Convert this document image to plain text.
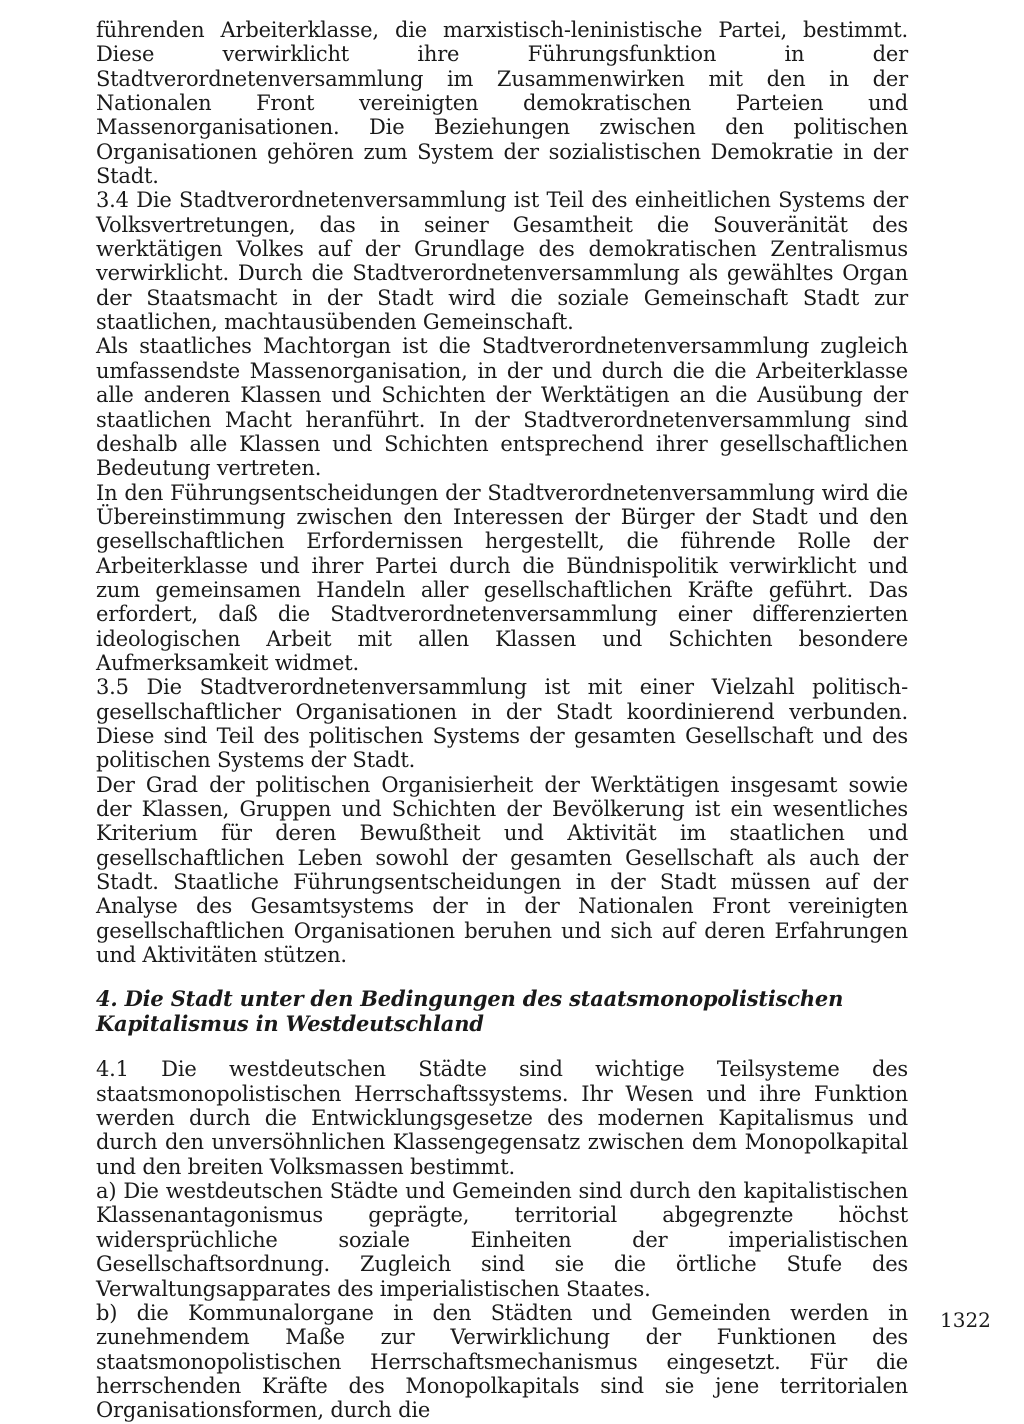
führenden Arbeiterklasse, die marxistisch-leninistische Partei, bestimmt. Diese verwirklicht ihre Führungsfunktion in der Stadtverordnetenversammlung im Zusammenwirken mit den in der Nationalen Front vereinigten demokratischen Parteien und Massenorganisationen. Die Beziehungen zwischen den politischen Organisationen gehören zum System der sozialistischen Demokratie in der Stadt.

3.4 Die Stadtverordnetenversammlung ist Teil des einheitlichen Systems der Volksvertretungen, das in seiner Gesamtheit die Souveränität des werktätigen Volkes auf der Grundlage des demokratischen Zentralismus verwirklicht. Durch die Stadtverordnetenversammlung als gewähltes Organ der Staatsmacht in der Stadt wird die soziale Gemeinschaft Stadt zur staatlichen, machtausübenden Gemeinschaft.

Als staatliches Machtorgan ist die Stadtverordnetenversammlung zugleich umfassendste Massenorganisation, in der und durch die die Arbeiterklasse alle anderen Klassen und Schichten der Werktätigen an die Ausübung der staatlichen Macht heranführt. In der Stadtverordnetenversammlung sind deshalb alle Klassen und Schichten entsprechend ihrer gesellschaftlichen Bedeutung vertreten.

In den Führungsentscheidungen der Stadtverordnetenversammlung wird die Übereinstimmung zwischen den Interessen der Bürger der Stadt und den gesellschaftlichen Erfordernissen hergestellt, die führende Rolle der Arbeiterklasse und ihrer Partei durch die Bündnispolitik verwirklicht und zum gemeinsamen Handeln aller gesellschaftlichen Kräfte geführt. Das erfordert, daß die Stadtverordnetenversammlung einer differenzierten ideologischen Arbeit mit allen Klassen und Schichten besondere Aufmerksamkeit widmet.

3.5 Die Stadtverordnetenversammlung ist mit einer Vielzahl politisch-gesellschaftlicher Organisationen in der Stadt koordinierend verbunden. Diese sind Teil des politischen Systems der gesamten Gesellschaft und des politischen Systems der Stadt.

Der Grad der politischen Organisierheit der Werktätigen insgesamt sowie der Klassen, Gruppen und Schichten der Bevölkerung ist ein wesentliches Kriterium für deren Bewußtheit und Aktivität im staatlichen und gesellschaftlichen Leben sowohl der gesamten Gesellschaft als auch der Stadt. Staatliche Führungsentscheidungen in der Stadt müssen auf der Analyse des Gesamtsystems der in der Nationalen Front vereinigten gesellschaftlichen Organisationen beruhen und sich auf deren Erfahrungen und Aktivitäten stützen.

4. Die Stadt unter den Bedingungen des staatsmonopolistischen Kapitalismus in Westdeutschland

4.1 Die westdeutschen Städte sind wichtige Teilsysteme des staatsmonopolistischen Herrschaftssystems. Ihr Wesen und ihre Funktion werden durch die Entwicklungsgesetze des modernen Kapitalismus und durch den unversöhnlichen Klassengegensatz zwischen dem Monopolkapital und den breiten Volksmassen bestimmt.

a) Die westdeutschen Städte und Gemeinden sind durch den kapitalistischen Klassenantagonismus geprägte, territorial abgegrenzte höchst widersprüchliche soziale Einheiten der imperialistischen Gesellschaftsordnung. Zugleich sind sie die örtliche Stufe des Verwaltungsapparates des imperialistischen Staates.

b) die Kommunalorgane in den Städten und Gemeinden werden in zunehmendem Maße zur Verwirklichung der Funktionen des staatsmonopolistischen Herrschaftsmechanismus eingesetzt. Für die herrschenden Kräfte des Monopolkapitals sind sie jene territorialen Organisationsformen, durch die

1322
